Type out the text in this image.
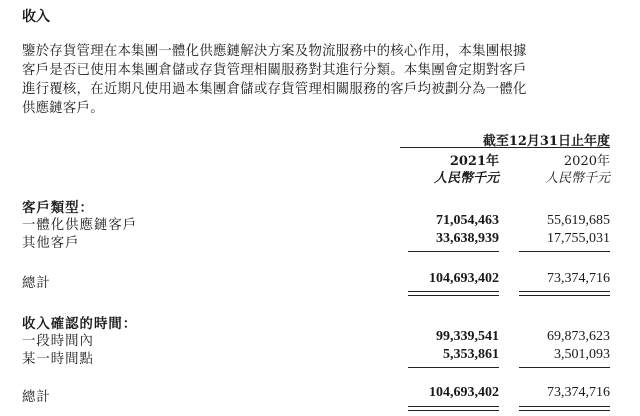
收入
鑒於存貨管理在本集團一體化供應鏈解決方案及物流服務中的核心作用，本集團根據
客戶是否已使用本集團倉儲或存貨管理相關服務對其進行分類。本集團會定期對客戶
進行覆核，在近期凡使用過本集團倉儲或存貨管理相關服務的客戶均被劃分為一體化
供應鏈客戶。
截至12月31日止年度
2021年	2020年
人民幣千元	人民幣千元
客戶類型：
一體化供應鏈客戶	71,054,463	55,619,685
其他客戶	33,638,939	17,755,031
總計	104,693,402	73,374,716
收入確認的時間：
一段時間內	99,339,541	69,873,623
某一時間點	5,353,861	3,501,093
總計	104,693,402	73,374,716
